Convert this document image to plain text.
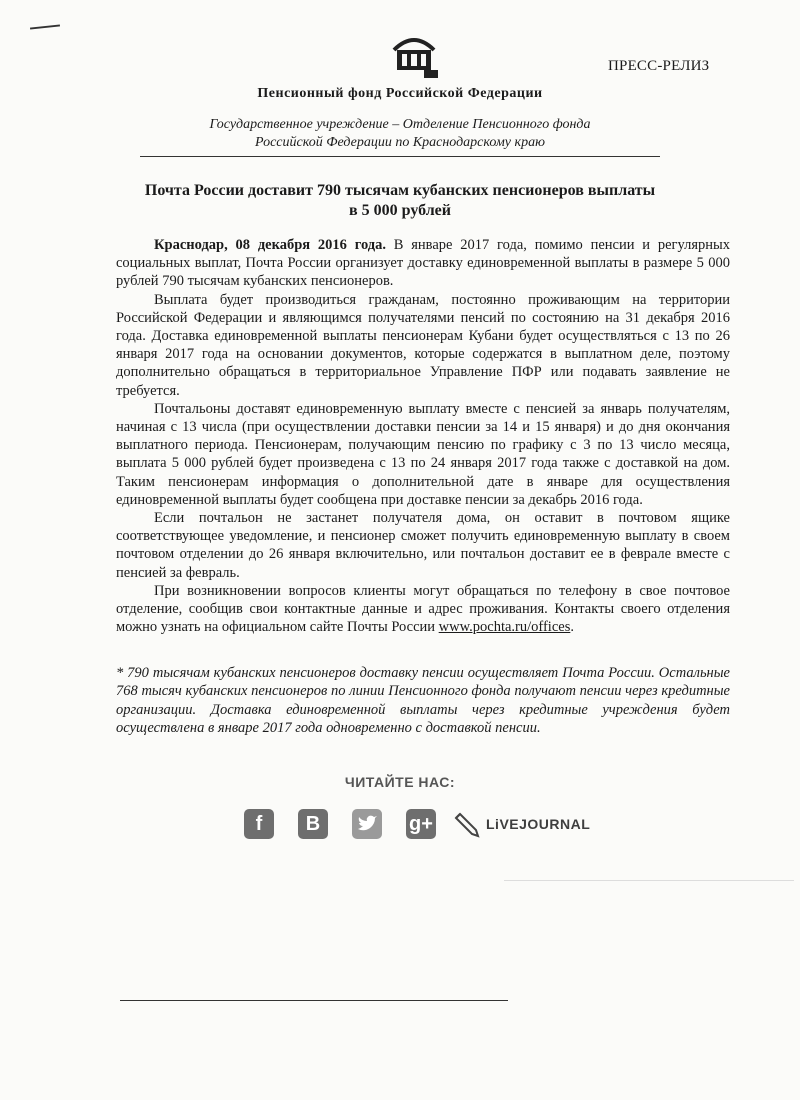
ПРЕСС-РЕЛИЗ
Пенсионный фонд Российской Федерации
Государственное учреждение – Отделение Пенсионного фонда
Российской Федерации по Краснодарскому краю
Почта России доставит 790 тысячам кубанских пенсионеров выплаты
в 5 000 рублей

Краснодар, 08 декабря 2016 года. В январе 2017 года, помимо пенсии и регулярных социальных выплат, Почта России организует доставку единовременной выплаты в размере 5 000 рублей 790 тысячам кубанских пенсионеров.

Выплата будет производиться гражданам, постоянно проживающим на территории Российской Федерации и являющимся получателями пенсий по состоянию на 31 декабря 2016 года. Доставка единовременной выплаты пенсионерам Кубани будет осуществляться с 13 по 26 января 2017 года на основании документов, которые содержатся в выплатном деле, поэтому дополнительно обращаться в территориальное Управление ПФР или подавать заявление не требуется.

Почтальоны доставят единовременную выплату вместе с пенсией за январь получателям, начиная с 13 числа (при осуществлении доставки пенсии за 14 и 15 января) и до дня окончания выплатного периода. Пенсионерам, получающим пенсию по графику с 3 по 13 число месяца, выплата 5 000 рублей будет произведена с 13 по 24 января 2017 года также с доставкой на дом. Таким пенсионерам информация о дополнительной дате в январе для осуществления единовременной выплаты будет сообщена при доставке пенсии за декабрь 2016 года.

Если почтальон не застанет получателя дома, он оставит в почтовом ящике соответствующее уведомление, и пенсионер сможет получить единовременную выплату в своем почтовом отделении до 26 января включительно, или почтальон доставит ее в феврале вместе с пенсией за февраль.

При возникновении вопросов клиенты могут обращаться по телефону в свое почтовое отделение, сообщив свои контактные данные и адрес проживания. Контакты своего отделения можно узнать на официальном сайте Почты России www.pochta.ru/offices.

* 790 тысячам кубанских пенсионеров доставку пенсии осуществляет Почта России. Остальные 768 тысяч кубанских пенсионеров по линии Пенсионного фонда получают пенсии через кредитные организации. Доставка единовременной выплаты через кредитные учреждения будет осуществлена в январе 2017 года одновременно с доставкой пенсии.
ЧИТАЙТЕ НАС:
f	B	g+	LiVEJOURNAL
